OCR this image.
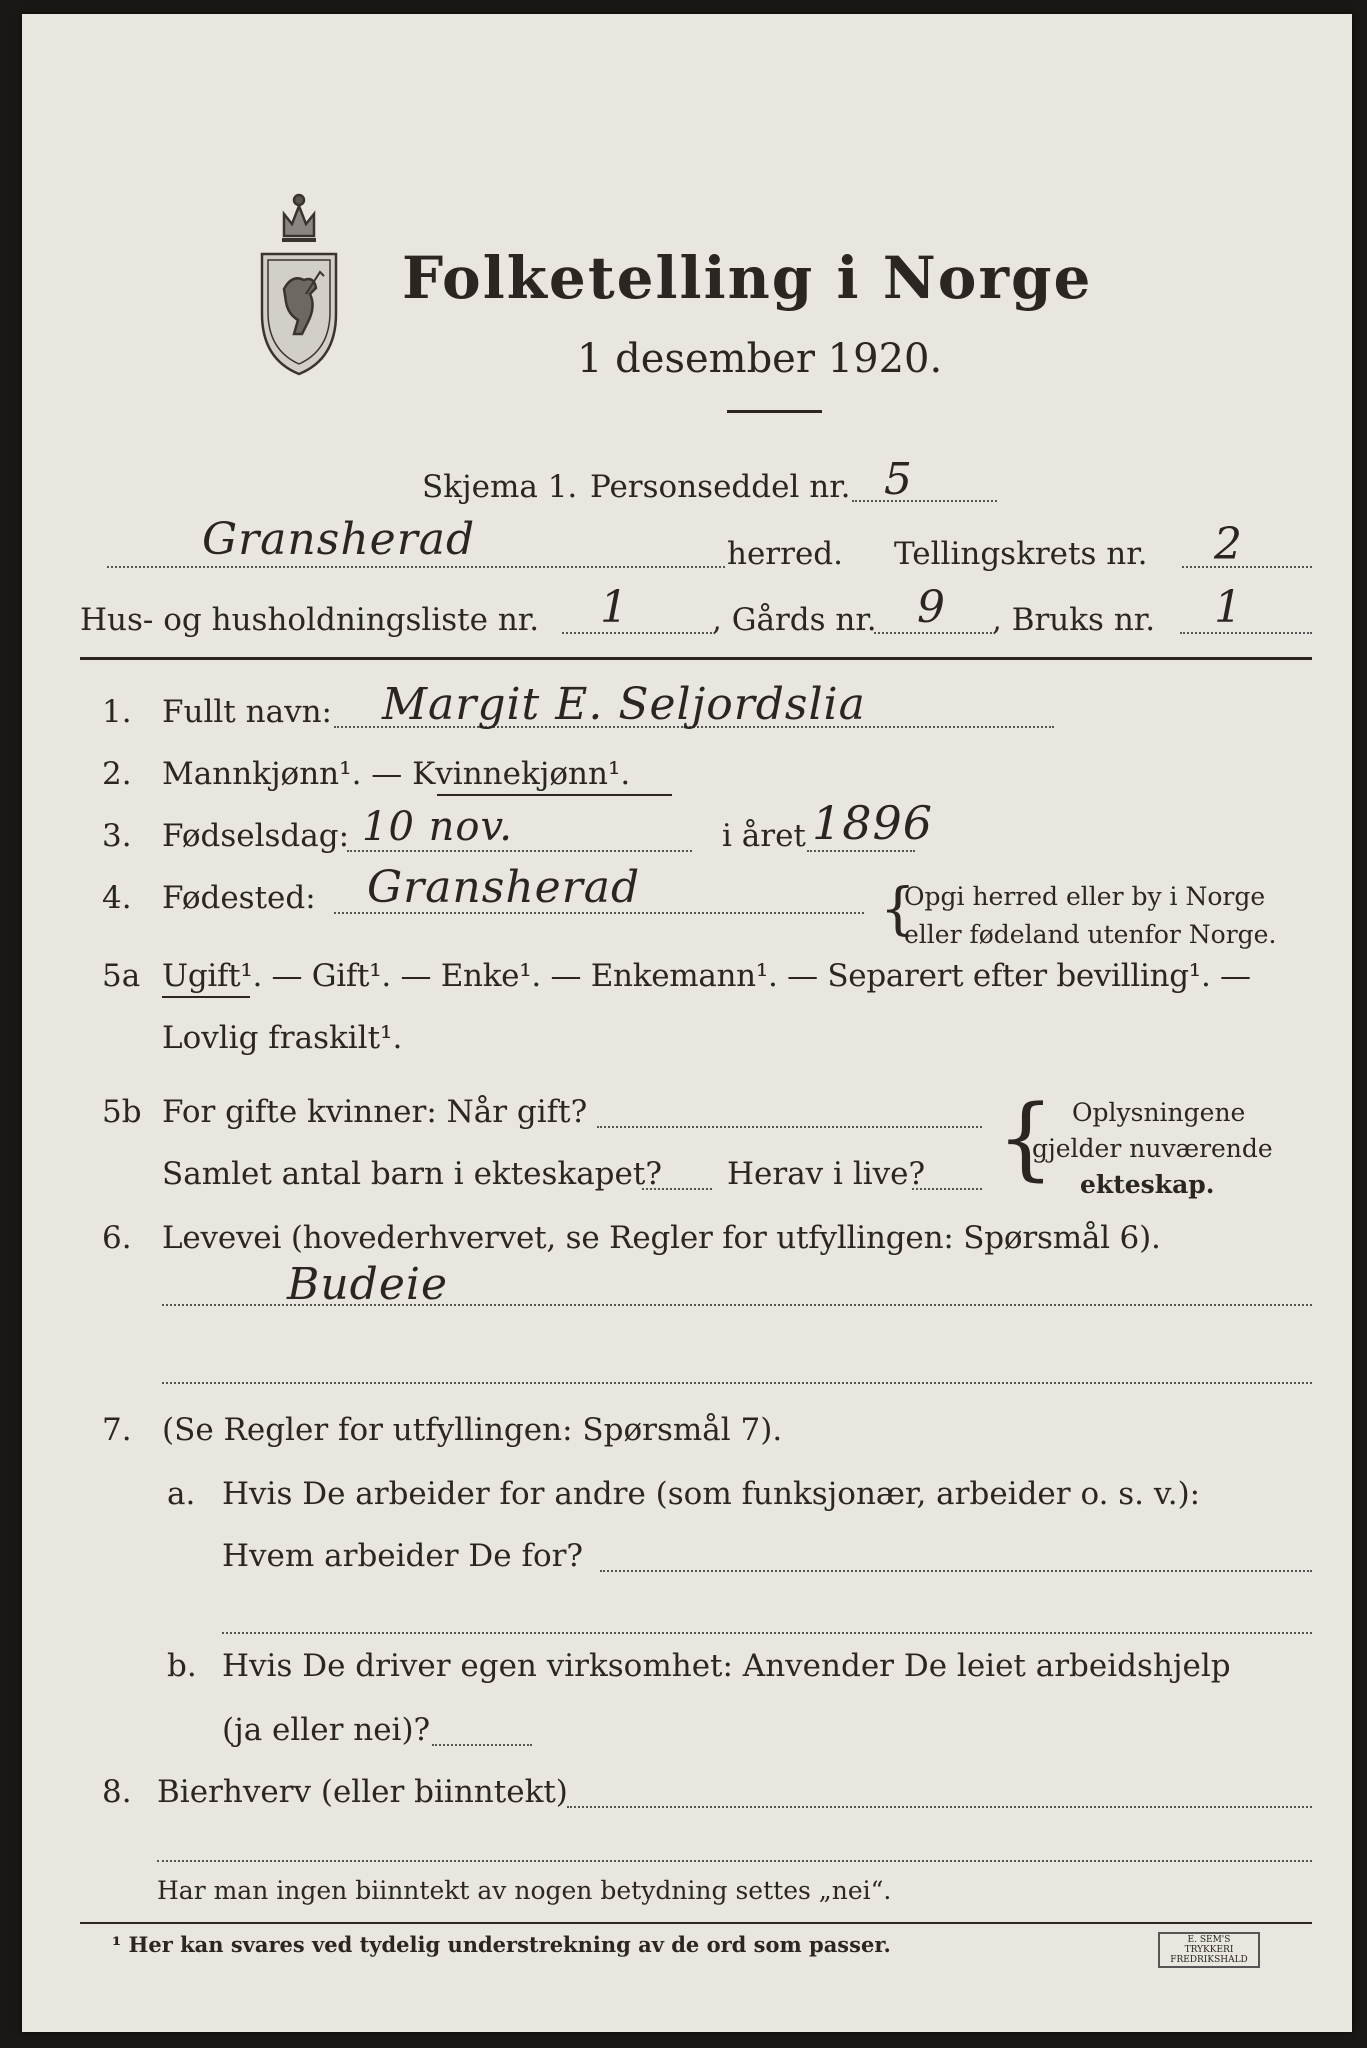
Folketelling i Norge
1 desember 1920.
Skjema 1. Personseddel nr. 5
Gransherad	herred. Tellingskrets nr. 2
Hus- og husholdningsliste nr. 1	, Gårds nr. 9 , Bruks nr. 1
1. Fullt navn: Margit E. Seljordslia
2. Mannkjønn¹. — Kvinnekjønn¹.
3. Fødselsdag: 10 nov.	i året 1896
4. Fødested: Gransherad	{
Opgi herred eller by i Norge
eller fødeland utenfor Norge.
5a Ugift¹. — Gift¹. — Enke¹. — Enkemann¹. — Separert efter bevilling¹. —
Lovlig fraskilt¹.
5b For gifte kvinner: Når gift?
Samlet antal barn i ekteskapet? Herav i live? { Oplysningene
gjelder nuværende
ekteskap.
6. Levevei (hovederhvervet, se Regler for utfyllingen: Spørsmål 6).
Budeie
7. (Se Regler for utfyllingen: Spørsmål 7).
a. Hvis De arbeider for andre (som funksjonær, arbeider o. s. v.):
Hvem arbeider De for?
b. Hvis De driver egen virksomhet: Anvender De leiet arbeidshjelp
(ja eller nei)?
8. Bierhverv (eller biinntekt)
Har man ingen biinntekt av nogen betydning settes „nei“.
¹ Her kan svares ved tydelig understrekning av de ord som passer.	E. SEM'S TRYKKERI
FREDRIKSHALD
